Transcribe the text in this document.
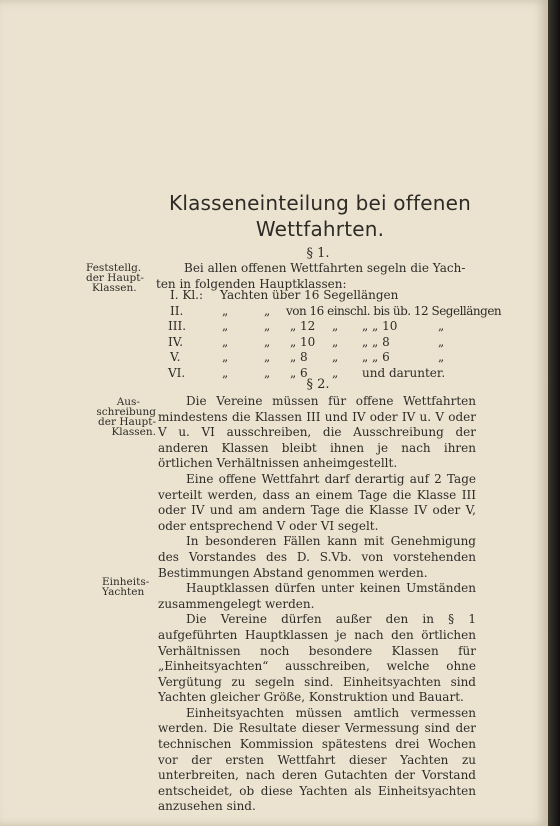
Klasseneinteilung bei offenen
Wettfahrten.
§ 1.
Feststellg.
der Haupt-
Klassen.

Bei allen offenen Wettfahrten segeln die Yach-

ten in folgenden Hauptklassen:

I. Kl.: Yachten über 16 Segellängen
II.	„	„ von 16 einschl. bis üb. 12 Segellängen
III.	„	„ „ 12 „ „ „ 10	„
IV.	„	„ „ 10 „ „ „ 8	„
V.	„	„ „ 8 „ „ „ 6	„
VI.	„	„ „ 6 „ und darunter.
§ 2.
Aus-
schreibung
der Haupt-
Klassen.
Einheits-
Yachten

Die Vereine müssen für offene Wettfahrten mindestens die Klassen III und IV oder IV u. V oder V u. VI ausschreiben, die Ausschreibung der anderen Klassen bleibt ihnen je nach ihren örtlichen Verhältnissen anheimgestellt.

Eine offene Wettfahrt darf derartig auf 2 Tage verteilt werden, dass an einem Tage die Klasse III oder IV und am andern Tage die Klasse IV oder V, oder entsprechend V oder VI segelt.

In besonderen Fällen kann mit Genehmigung des Vorstandes des D. S.Vb. von vorstehenden Bestimmungen Abstand genommen werden.

Hauptklassen dürfen unter keinen Umständen zusammengelegt werden.

Die Vereine dürfen außer den in § 1 aufgeführten Hauptklassen je nach den örtlichen Verhältnissen noch besondere Klassen für „Einheitsyachten“ ausschreiben, welche ohne Vergütung zu segeln sind. Einheitsyachten sind Yachten gleicher Größe, Konstruktion und Bauart.

Einheitsyachten müssen amtlich vermessen werden. Die Resultate dieser Vermessung sind der technischen Kommission spätestens drei Wochen vor der ersten Wettfahrt dieser Yachten zu unterbreiten, nach deren Gutachten der Vorstand entscheidet, ob diese Yachten als Einheitsyachten anzusehen sind.
